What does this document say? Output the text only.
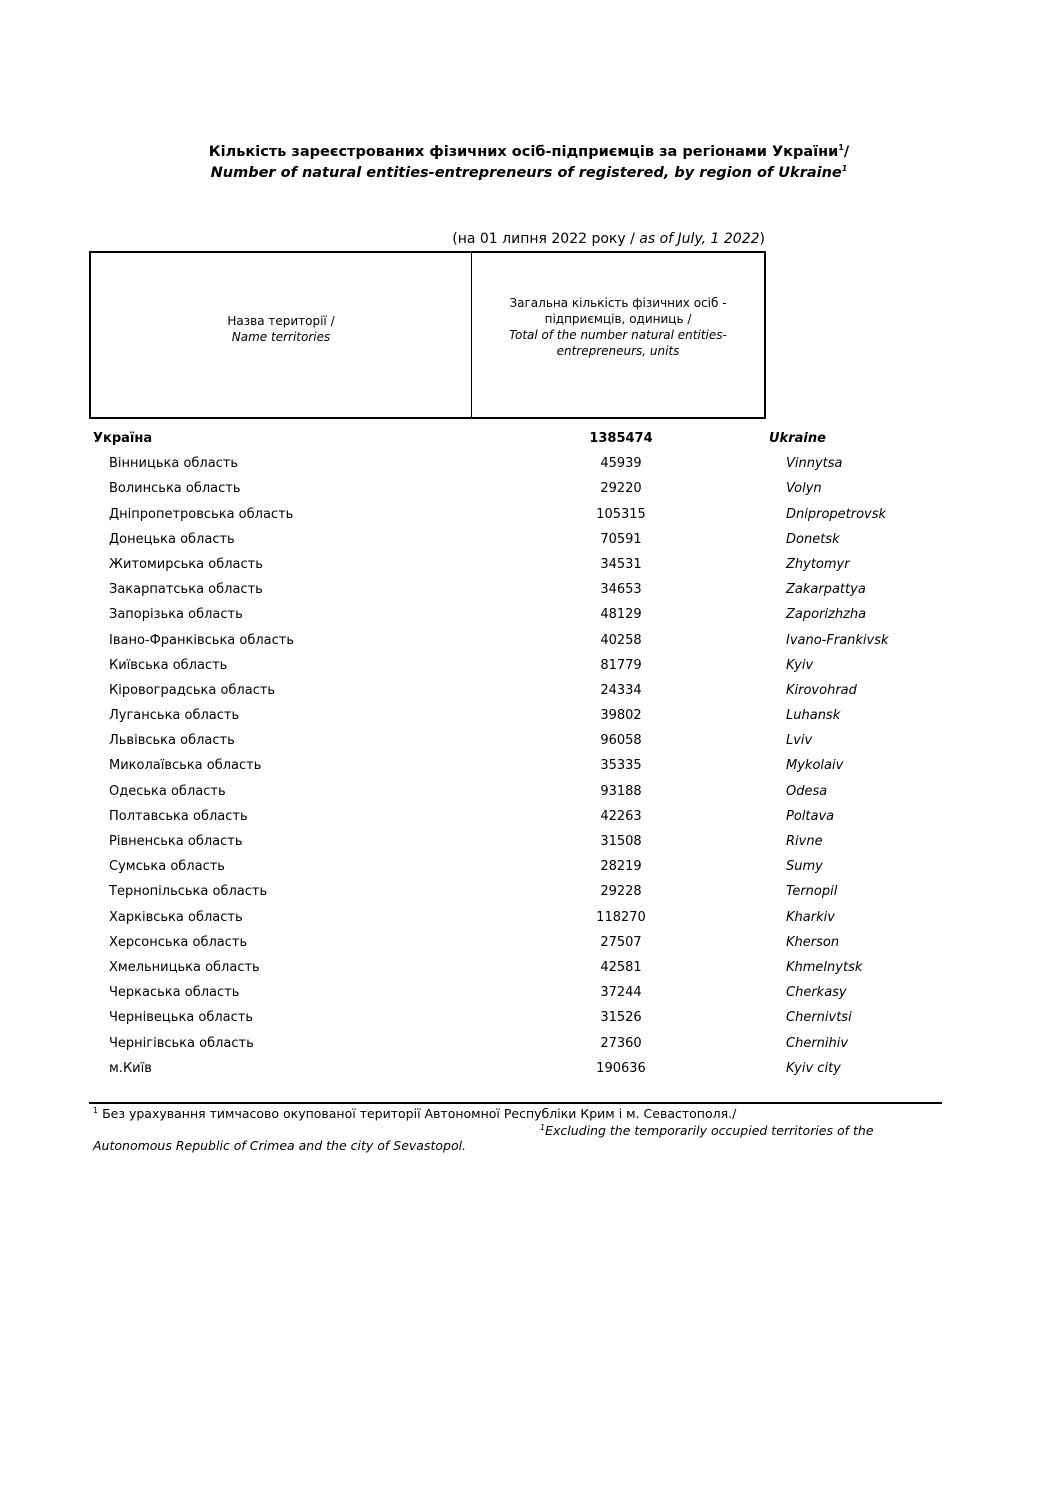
Кількість зареєстрованих фізичних осіб-підприємців за регіонами України$^1$/
Number of natural entities-entrepreneurs of registered, by region of Ukraine$^1$
(на 01 липня 2022 року / as of July, 1 2022)
Назва території /
Name territories
Загальна кількість фізичних осіб -
підприємців, одиниць /
Total of the number natural entities-
entrepreneurs, units
Україна	1385474	Ukraine
Вінницька область	45939	Vinnytsa
Волинська область	29220	Volyn
Дніпропетровська область	105315	Dnipropetrovsk
Донецька область	70591	Donetsk
Житомирська область	34531	Zhytomyr
Закарпатська область	34653	Zakarpattya
Запорізька область	48129	Zaporizhzha
Івано-Франківська область	40258	Ivano-Frankivsk
Київська область	81779	Kyiv
Кіровоградська область	24334	Kirovohrad
Луганська область	39802	Luhansk
Львівська область	96058	Lviv
Миколаївська область	35335	Mykolaiv
Одеська область	93188	Odesa
Полтавська область	42263	Poltava
Рівненська область	31508	Rivne
Сумська область	28219	Sumy
Тернопільська область	29228	Ternopil
Харківська область	118270	Kharkiv
Херсонська область	27507	Kherson
Хмельницька область	42581	Khmelnytsk
Черкаська область	37244	Cherkasy
Чернівецька область	31526	Chernivtsi
Чернігівська область	27360	Chernihiv
м.Київ	190636	Kyiv city
$^1$ Без урахування тимчасово окупованої території Автономної Республіки Крим і м. Севастополя./
$^1$Excluding the temporarily occupied territories of the
Autonomous Republic of Crimea and the city of Sevastopol.
